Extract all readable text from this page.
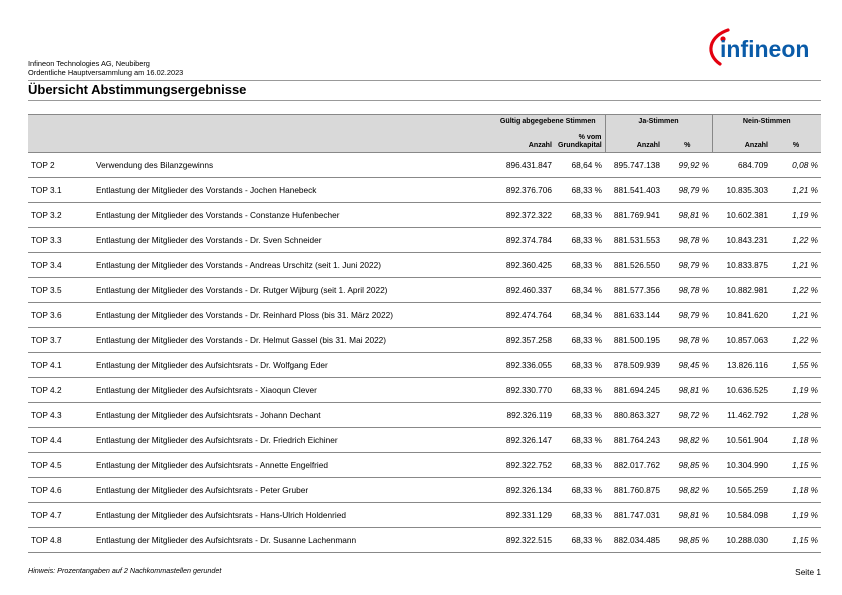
Infineon Technologies AG, Neubiberg
Ordentliche Hauptversammlung am 16.02.2023
infineon
Übersicht Abstimmungsergebnisse
		Gültig abgegebene Stimmen		Ja-Stimmen		Nein-Stimmen	
		Anzahl	% vom Grundkapital	Anzahl	%	Anzahl	%
TOP 2	Verwendung des Bilanzgewinns	896.431.847	68,64 %	895.747.138	99,92 %	684.709	0,08 %
TOP 3.1	Entlastung der Mitglieder des Vorstands - Jochen Hanebeck	892.376.706	68,33 %	881.541.403	98,79 %	10.835.303	1,21 %
TOP 3.2	Entlastung der Mitglieder des Vorstands - Constanze Hufenbecher	892.372.322	68,33 %	881.769.941	98,81 %	10.602.381	1,19 %
TOP 3.3	Entlastung der Mitglieder des Vorstands - Dr. Sven Schneider	892.374.784	68,33 %	881.531.553	98,78 %	10.843.231	1,22 %
TOP 3.4	Entlastung der Mitglieder des Vorstands - Andreas Urschitz (seit 1. Juni 2022)	892.360.425	68,33 %	881.526.550	98,79 %	10.833.875	1,21 %
TOP 3.5	Entlastung der Mitglieder des Vorstands - Dr. Rutger Wijburg (seit 1. April 2022)	892.460.337	68,34 %	881.577.356	98,78 %	10.882.981	1,22 %
TOP 3.6	Entlastung der Mitglieder des Vorstands - Dr. Reinhard Ploss (bis 31. März 2022)	892.474.764	68,34 %	881.633.144	98,79 %	10.841.620	1,21 %
TOP 3.7	Entlastung der Mitglieder des Vorstands - Dr. Helmut Gassel (bis 31. Mai 2022)	892.357.258	68,33 %	881.500.195	98,78 %	10.857.063	1,22 %
TOP 4.1	Entlastung der Mitglieder des Aufsichtsrats - Dr. Wolfgang Eder	892.336.055	68,33 %	878.509.939	98,45 %	13.826.116	1,55 %
TOP 4.2	Entlastung der Mitglieder des Aufsichtsrats - Xiaoqun Clever	892.330.770	68,33 %	881.694.245	98,81 %	10.636.525	1,19 %
TOP 4.3	Entlastung der Mitglieder des Aufsichtsrats - Johann Dechant	892.326.119	68,33 %	880.863.327	98,72 %	11.462.792	1,28 %
TOP 4.4	Entlastung der Mitglieder des Aufsichtsrats - Dr. Friedrich Eichiner	892.326.147	68,33 %	881.764.243	98,82 %	10.561.904	1,18 %
TOP 4.5	Entlastung der Mitglieder des Aufsichtsrats - Annette Engelfried	892.322.752	68,33 %	882.017.762	98,85 %	10.304.990	1,15 %
TOP 4.6	Entlastung der Mitglieder des Aufsichtsrats - Peter Gruber	892.326.134	68,33 %	881.760.875	98,82 %	10.565.259	1,18 %
TOP 4.7	Entlastung der Mitglieder des Aufsichtsrats - Hans-Ulrich Holdenried	892.331.129	68,33 %	881.747.031	98,81 %	10.584.098	1,19 %
TOP 4.8	Entlastung der Mitglieder des Aufsichtsrats - Dr. Susanne Lachenmann	892.322.515	68,33 %	882.034.485	98,85 %	10.288.030	1,15 %
Hinweis: Prozentangaben auf 2 Nachkommastellen gerundet	Seite 1
